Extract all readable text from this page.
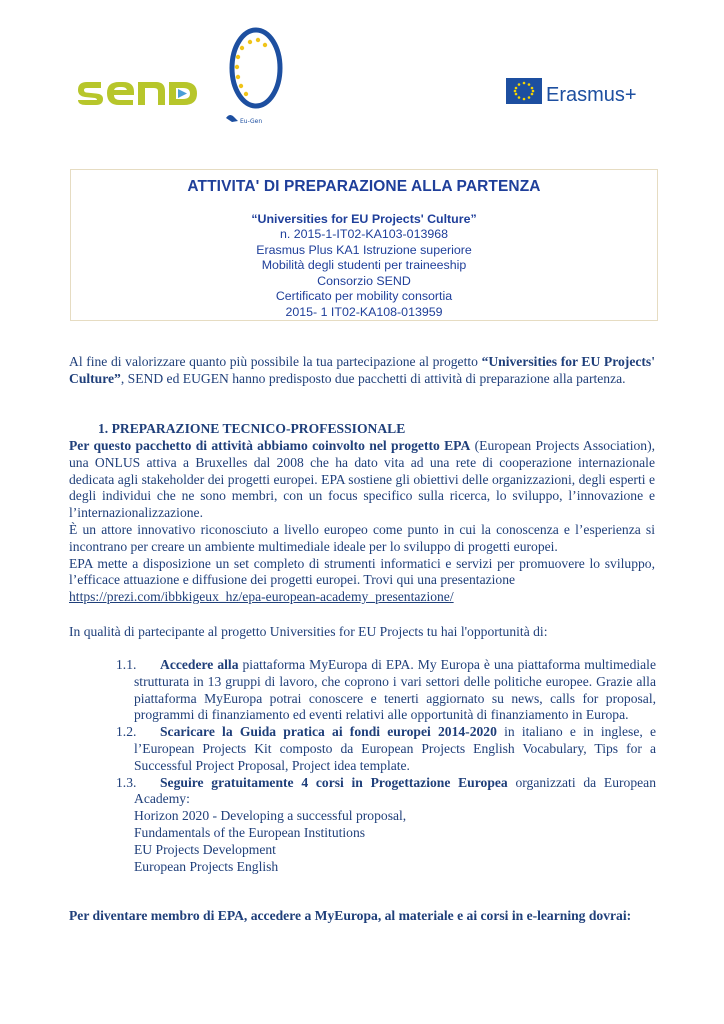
Eu-Gen
Erasmus+
ATTIVITA' DI PREPARAZIONE ALLA PARTENZA
“Universities for EU Projects' Culture”
n. 2015-1-IT02-KA103-013968
Erasmus Plus KA1 Istruzione superiore
Mobilità degli studenti per traineeship
Consorzio SEND
Certificato per mobility consortia
2015- 1 IT02-KA108-013959
Al fine di valorizzare quanto più possibile la tua partecipazione al progetto “Universities for EU Projects' Culture”, SEND ed EUGEN hanno predisposto due pacchetti di attività di preparazione alla partenza.
1. PREPARAZIONE TECNICO-PROFESSIONALE
Per questo pacchetto di attività abbiamo coinvolto nel progetto EPA (European Projects Association), una ONLUS attiva a Bruxelles dal 2008 che ha dato vita ad una rete di cooperazione internazionale dedicata agli stakeholder dei progetti europei. EPA sostiene gli obiettivi delle organizzazioni, degli esperti e degli individui che ne sono membri, con un focus specifico sulla ricerca, lo sviluppo, l’innovazione e l’internazionalizzazione.
È un attore innovativo riconosciuto a livello europeo come punto in cui la conoscenza e l’esperienza si incontrano per creare un ambiente multimediale ideale per lo sviluppo di progetti europei.
EPA mette a disposizione un set completo di strumenti informatici e servizi per promuovere lo sviluppo, l’efficace attuazione e diffusione dei progetti europei. Trovi qui una presentazione
https://prezi.com/ibbkigeux_hz/epa-european-academy_presentazione/
In qualità di partecipante al progetto Universities for EU Projects tu hai l'opportunità di:
1.1. Accedere alla piattaforma MyEuropa di EPA. My Europa è una piattaforma multimediale strutturata in 13 gruppi di lavoro, che coprono i vari settori delle politiche europee. Grazie alla piattaforma MyEuropa potrai conoscere e tenerti aggiornato su news, calls for proposal, programmi di finanziamento ed eventi relativi alle opportunità di finanziamento in Europa.
1.2. Scaricare la Guida pratica ai fondi europei 2014-2020 in italiano e in inglese, e l’European Projects Kit composto da European Projects English Vocabulary, Tips for a Successful Project Proposal, Project idea template.
1.3. Seguire gratuitamente 4 corsi in Progettazione Europea organizzati da European Academy:
Horizon 2020 - Developing a successful proposal,
Fundamentals of the European Institutions
EU Projects Development
European Projects English
Per diventare membro di EPA, accedere a MyEuropa, al materiale e ai corsi in e-learning dovrai:
